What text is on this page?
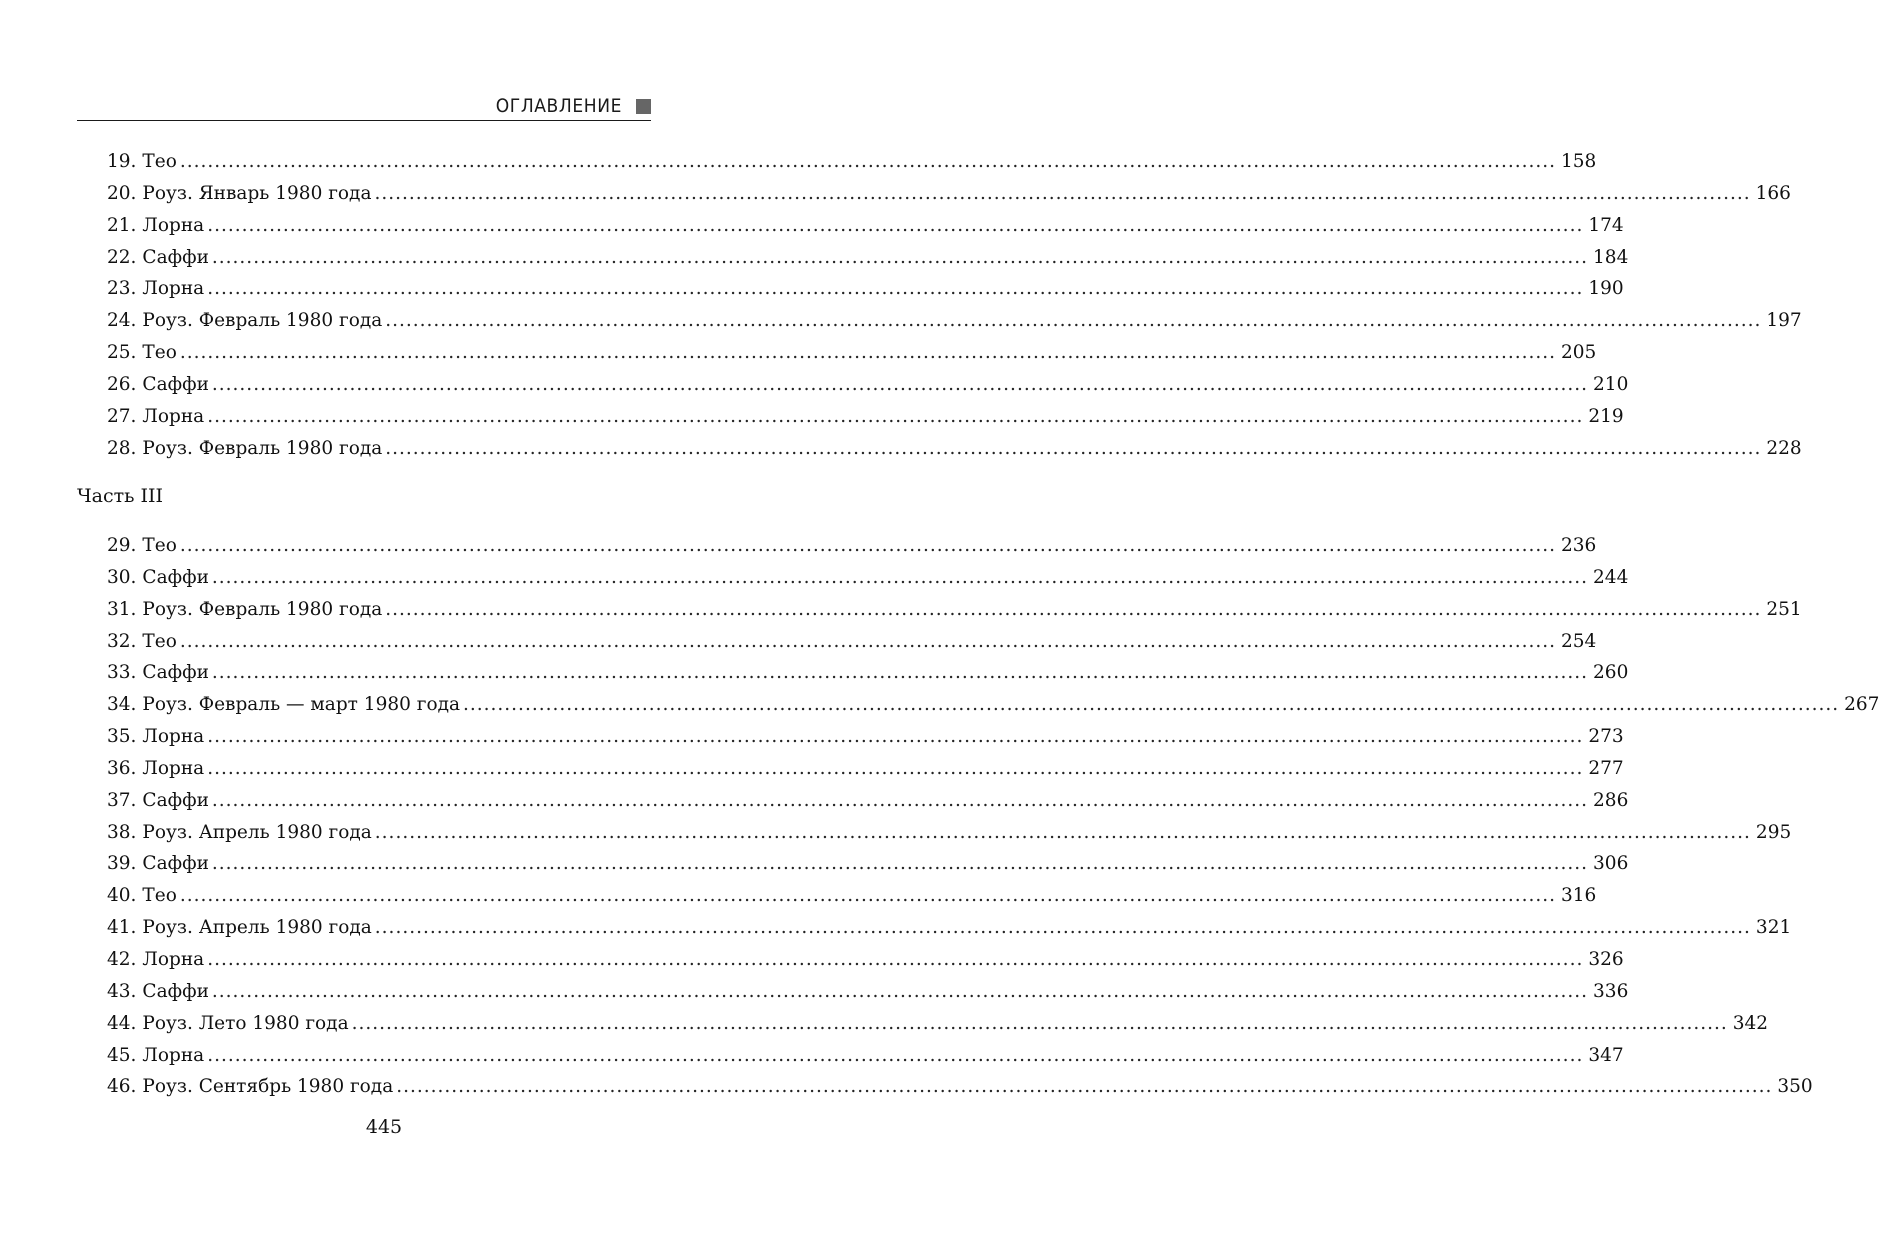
ОГЛАВЛЕНИЕ
19. Тео ........................................................................................................................................................................................................ 158
20. Роуз. Январь 1980 года ........................................................................................................................................................................................................ 166
21. Лорна ........................................................................................................................................................................................................ 174
22. Саффи ........................................................................................................................................................................................................ 184
23. Лорна ........................................................................................................................................................................................................ 190
24. Роуз. Февраль 1980 года ........................................................................................................................................................................................................ 197
25. Тео ........................................................................................................................................................................................................ 205
26. Саффи ........................................................................................................................................................................................................ 210
27. Лорна ........................................................................................................................................................................................................ 219
28. Роуз. Февраль 1980 года ........................................................................................................................................................................................................ 228
Часть III
29. Тео ........................................................................................................................................................................................................ 236
30. Саффи ........................................................................................................................................................................................................ 244
31. Роуз. Февраль 1980 года ........................................................................................................................................................................................................ 251
32. Тео ........................................................................................................................................................................................................ 254
33. Саффи ........................................................................................................................................................................................................ 260
34. Роуз. Февраль — март 1980 года ........................................................................................................................................................................................................ 267
35. Лорна ........................................................................................................................................................................................................ 273
36. Лорна ........................................................................................................................................................................................................ 277
37. Саффи ........................................................................................................................................................................................................ 286
38. Роуз. Апрель 1980 года ........................................................................................................................................................................................................ 295
39. Саффи ........................................................................................................................................................................................................ 306
40. Тео ........................................................................................................................................................................................................ 316
41. Роуз. Апрель 1980 года ........................................................................................................................................................................................................ 321
42. Лорна ........................................................................................................................................................................................................ 326
43. Саффи ........................................................................................................................................................................................................ 336
44. Роуз. Лето 1980 года ........................................................................................................................................................................................................ 342
45. Лорна ........................................................................................................................................................................................................ 347
46. Роуз. Сентябрь 1980 года ........................................................................................................................................................................................................ 350
445
